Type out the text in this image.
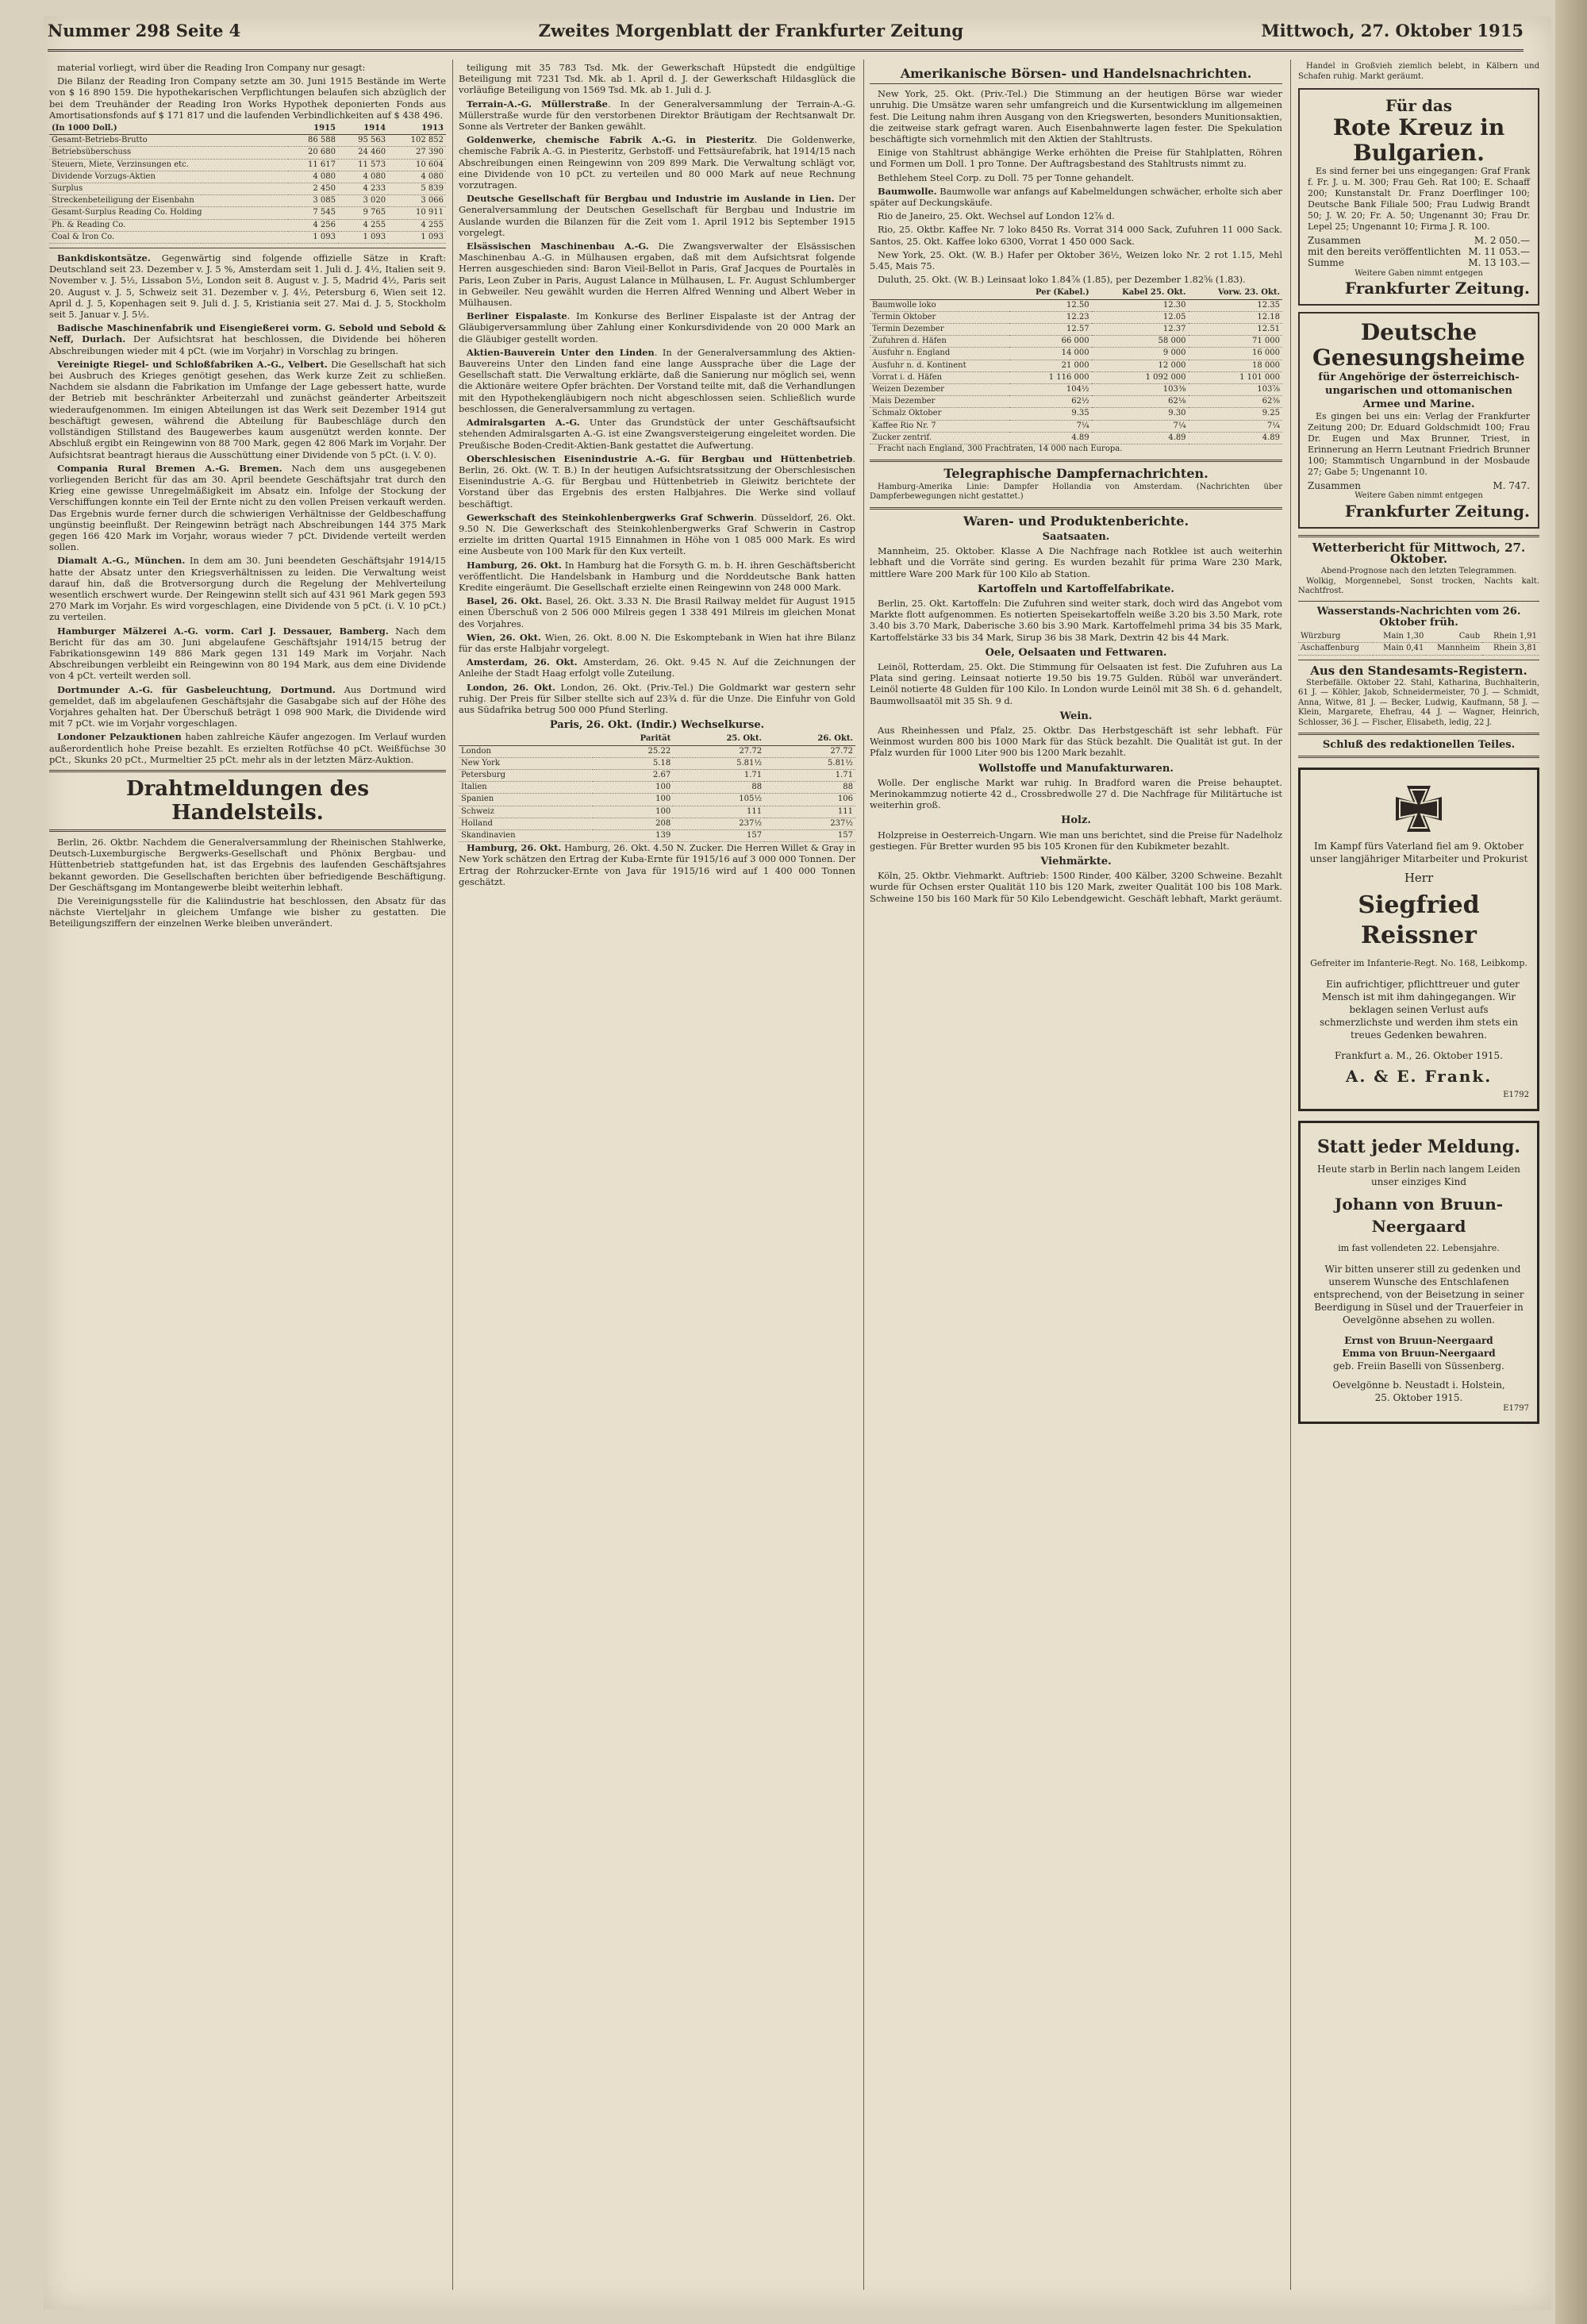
Nummer 298 Seite 4	Zweites Morgenblatt der Frankfurter Zeitung	Mittwoch, 27. Oktober 1915

material vorliegt, wird über die Reading Iron Company nur gesagt:

Die Bilanz der Reading Iron Company setzte am 30. Juni 1915 Bestände im Werte von $ 16 890 159. Die hypothekarischen Verpflichtungen belaufen sich abzüglich der bei dem Treuhänder der Reading Iron Works Hypothek deponierten Fonds aus Amortisationsfonds auf $ 171 817 und die laufenden Verbindlichkeiten auf $ 438 496.

(In 1000 Doll.)	1915	1914	1913
Gesamt-Betriebs-Brutto	86 588	95 563	102 852
Betriebsüberschuss	20 680	24 460	27 390
Steuern, Miete, Verzinsungen etc.	11 617	11 573	10 604
Dividende Vorzugs-Aktien	4 080	4 080	4 080
Surplus	2 450	4 233	5 839
Streckenbeteiligung der Eisenbahn	3 085	3 020	3 066
Gesamt-Surplus Reading Co. Holding	7 545	9 765	10 911
Ph. & Reading Co.	4 256	4 255	4 255
Coal & Iron Co.	1 093	1 093	1 093

Bankdiskontsätze. Gegenwärtig sind folgende offizielle Sätze in Kraft: Deutschland seit 23. Dezember v. J. 5 %, Amsterdam seit 1. Juli d. J. 4½, Italien seit 9. November v. J. 5½, Lissabon 5½, London seit 8. August v. J. 5, Madrid 4½, Paris seit 20. August v. J. 5, Schweiz seit 31. Dezember v. J. 4½, Petersburg 6, Wien seit 12. April d. J. 5, Kopenhagen seit 9. Juli d. J. 5, Kristiania seit 27. Mai d. J. 5, Stockholm seit 5. Januar v. J. 5½.

Badische Maschinenfabrik und Eisengießerei vorm. G. Sebold und Sebold & Neff, Durlach. Der Aufsichtsrat hat beschlossen, die Dividende bei höheren Abschreibungen wieder mit 4 pCt. (wie im Vorjahr) in Vorschlag zu bringen.

Vereinigte Riegel- und Schloßfabriken A.-G., Velbert. Die Gesellschaft hat sich bei Ausbruch des Krieges genötigt gesehen, das Werk kurze Zeit zu schließen. Nachdem sie alsdann die Fabrikation im Umfange der Lage gebessert hatte, wurde der Betrieb mit beschränkter Arbeiterzahl und zunächst geänderter Arbeitszeit wiederaufgenommen. Im einigen Abteilungen ist das Werk seit Dezember 1914 gut beschäftigt gewesen, während die Abteilung für Baubeschläge durch den vollständigen Stillstand des Baugewerbes kaum ausgenützt werden konnte. Der Abschluß ergibt ein Reingewinn von 88 700 Mark, gegen 42 806 Mark im Vorjahr. Der Aufsichtsrat beantragt hieraus die Ausschüttung einer Dividende von 5 pCt. (i. V. 0).

Compania Rural Bremen A.-G. Bremen. Nach dem uns ausgegebenen vorliegenden Bericht für das am 30. April beendete Geschäftsjahr trat durch den Krieg eine gewisse Unregelmäßigkeit im Absatz ein. Infolge der Stockung der Verschiffungen konnte ein Teil der Ernte nicht zu den vollen Preisen verkauft werden. Das Ergebnis wurde ferner durch die schwierigen Verhältnisse der Geldbeschaffung ungünstig beeinflußt. Der Reingewinn beträgt nach Abschreibungen 144 375 Mark gegen 166 420 Mark im Vorjahr, woraus wieder 7 pCt. Dividende verteilt werden sollen.

Diamalt A.-G., München. In dem am 30. Juni beendeten Geschäftsjahr 1914/15 hatte der Absatz unter den Kriegsverhältnissen zu leiden. Die Verwaltung weist darauf hin, daß die Brotversorgung durch die Regelung der Mehlverteilung wesentlich erschwert wurde. Der Reingewinn stellt sich auf 431 961 Mark gegen 593 270 Mark im Vorjahr. Es wird vorgeschlagen, eine Dividende von 5 pCt. (i. V. 10 pCt.) zu verteilen.

Hamburger Mälzerei A.-G. vorm. Carl J. Dessauer, Bamberg. Nach dem Bericht für das am 30. Juni abgelaufene Geschäftsjahr 1914/15 betrug der Fabrikationsgewinn 149 886 Mark gegen 131 149 Mark im Vorjahr. Nach Abschreibungen verbleibt ein Reingewinn von 80 194 Mark, aus dem eine Dividende von 4 pCt. verteilt werden soll.

Dortmunder A.-G. für Gasbeleuchtung, Dortmund. Aus Dortmund wird gemeldet, daß im abgelaufenen Geschäftsjahr die Gasabgabe sich auf der Höhe des Vorjahres gehalten hat. Der Überschuß beträgt 1 098 900 Mark, die Dividende wird mit 7 pCt. wie im Vorjahr vorgeschlagen.

Londoner Pelzauktionen haben zahlreiche Käufer angezogen. Im Verlauf wurden außerordentlich hohe Preise bezahlt. Es erzielten Rotfüchse 40 pCt. Weißfüchse 30 pCt., Skunks 20 pCt., Murmeltier 25 pCt. mehr als in der letzten März-Auktion.

Drahtmeldungen des Handelsteils.

Berlin, 26. Oktbr. Nachdem die Generalversammlung der Rheinischen Stahlwerke, Deutsch-Luxemburgische Bergwerks-Gesellschaft und Phönix Bergbau- und Hüttenbetrieb stattgefunden hat, ist das Ergebnis des laufenden Geschäftsjahres bekannt geworden. Die Gesellschaften berichten über befriedigende Beschäftigung. Der Geschäftsgang im Montangewerbe bleibt weiterhin lebhaft.

Die Vereinigungsstelle für die Kaliindustrie hat beschlossen, den Absatz für das nächste Vierteljahr in gleichem Umfange wie bisher zu gestatten. Die Beteiligungsziffern der einzelnen Werke bleiben unverändert.

teiligung mit 35 783 Tsd. Mk. der Gewerkschaft Hüpstedt die endgültige Beteiligung mit 7231 Tsd. Mk. ab 1. April d. J. der Gewerkschaft Hildasglück die vorläufige Beteiligung von 1569 Tsd. Mk. ab 1. Juli d. J.

Terrain-A.-G. Müllerstraße. In der Generalversammlung der Terrain-A.-G. Müllerstraße wurde für den verstorbenen Direktor Bräutigam der Rechtsanwalt Dr. Sonne als Vertreter der Banken gewählt.

Goldenwerke, chemische Fabrik A.-G. in Piesteritz. Die Goldenwerke, chemische Fabrik A.-G. in Piesteritz, Gerbstoff- und Fettsäurefabrik, hat 1914/15 nach Abschreibungen einen Reingewinn von 209 899 Mark. Die Verwaltung schlägt vor, eine Dividende von 10 pCt. zu verteilen und 80 000 Mark auf neue Rechnung vorzutragen.

Deutsche Gesellschaft für Bergbau und Industrie im Auslande in Lien. Der Generalversammlung der Deutschen Gesellschaft für Bergbau und Industrie im Auslande wurden die Bilanzen für die Zeit vom 1. April 1912 bis September 1915 vorgelegt.

Elsässischen Maschinenbau A.-G. Die Zwangsverwalter der Elsässischen Maschinenbau A.-G. in Mülhausen ergaben, daß mit dem Aufsichtsrat folgende Herren ausgeschieden sind: Baron Vieil-Bellot in Paris, Graf Jacques de Pourtalès in Paris, Leon Zuber in Paris, August Lalance in Mülhausen, L. Fr. August Schlumberger in Gebweiler. Neu gewählt wurden die Herren Alfred Wenning und Albert Weber in Mülhausen.

Berliner Eispalaste. Im Konkurse des Berliner Eispalaste ist der Antrag der Gläubigerversammlung über Zahlung einer Konkursdividende von 20 000 Mark an die Gläubiger gestellt worden.

Aktien-Bauverein Unter den Linden. In der Generalversammlung des Aktien-Bauvereins Unter den Linden fand eine lange Aussprache über die Lage der Gesellschaft statt. Die Verwaltung erklärte, daß die Sanierung nur möglich sei, wenn die Aktionäre weitere Opfer brächten. Der Vorstand teilte mit, daß die Verhandlungen mit den Hypothekengläubigern noch nicht abgeschlossen seien. Schließlich wurde beschlossen, die Generalversammlung zu vertagen.

Admiralsgarten A.-G. Unter das Grundstück der unter Geschäftsaufsicht stehenden Admiralsgarten A.-G. ist eine Zwangsversteigerung eingeleitet worden. Die Preußische Boden-Credit-Aktien-Bank gestattet die Aufwertung.

Oberschlesischen Eisenindustrie A.-G. für Bergbau und Hüttenbetrieb. Berlin, 26. Okt. (W. T. B.) In der heutigen Aufsichtsratssitzung der Oberschlesischen Eisenindustrie A.-G. für Bergbau und Hüttenbetrieb in Gleiwitz berichtete der Vorstand über das Ergebnis des ersten Halbjahres. Die Werke sind vollauf beschäftigt.

Gewerkschaft des Steinkohlenbergwerks Graf Schwerin. Düsseldorf, 26. Okt. 9.50 N. Die Gewerkschaft des Steinkohlenbergwerks Graf Schwerin in Castrop erzielte im dritten Quartal 1915 Einnahmen in Höhe von 1 085 000 Mark. Es wird eine Ausbeute von 100 Mark für den Kux verteilt.

Hamburg, 26. Okt. In Hamburg hat die Forsyth G. m. b. H. ihren Geschäftsbericht veröffentlicht. Die Handelsbank in Hamburg und die Norddeutsche Bank hatten Kredite eingeräumt. Die Gesellschaft erzielte einen Reingewinn von 248 000 Mark.

Basel, 26. Okt. Basel, 26. Okt. 3.33 N. Die Brasil Railway meldet für August 1915 einen Überschuß von 2 506 000 Milreis gegen 1 338 491 Milreis im gleichen Monat des Vorjahres.

Wien, 26. Okt. Wien, 26. Okt. 8.00 N. Die Eskomptebank in Wien hat ihre Bilanz für das erste Halbjahr vorgelegt.

Amsterdam, 26. Okt. Amsterdam, 26. Okt. 9.45 N. Auf die Zeichnungen der Anleihe der Stadt Haag erfolgt volle Zuteilung.

London, 26. Okt. London, 26. Okt. (Priv.-Tel.) Die Goldmarkt war gestern sehr ruhig. Der Preis für Silber stellte sich auf 23¾ d. für die Unze. Die Einfuhr von Gold aus Südafrika betrug 500 000 Pfund Sterling.

Paris, 26. Okt. (Indir.) Wechselkurse.
	Parität	25. Okt.	26. Okt.
London	25.22	27.72	27.72
New York	5.18	5.81½	5.81½
Petersburg	2.67	1.71	1.71
Italien	100	88	88
Spanien	100	105½	106
Schweiz	100	111	111
Holland	208	237½	237½
Skandinavien	139	157	157

Hamburg, 26. Okt. Hamburg, 26. Okt. 4.50 N. Zucker. Die Herren Willet & Gray in New York schätzen den Ertrag der Kuba-Ernte für 1915/16 auf 3 000 000 Tonnen. Der Ertrag der Rohrzucker-Ernte von Java für 1915/16 wird auf 1 400 000 Tonnen geschätzt.

Amerikanische Börsen- und Handelsnachrichten.

New York, 25. Okt. (Priv.-Tel.) Die Stimmung an der heutigen Börse war wieder unruhig. Die Umsätze waren sehr umfangreich und die Kursentwicklung im allgemeinen fest. Die Leitung nahm ihren Ausgang von den Kriegswerten, besonders Munitionsaktien, die zeitweise stark gefragt waren. Auch Eisenbahnwerte lagen fester. Die Spekulation beschäftigte sich vornehmlich mit den Aktien der Stahltrusts.

Einige von Stahltrust abhängige Werke erhöhten die Preise für Stahlplatten, Röhren und Formen um Doll. 1 pro Tonne. Der Auftragsbestand des Stahltrusts nimmt zu.

Bethlehem Steel Corp. zu Doll. 75 per Tonne gehandelt.

Baumwolle. Baumwolle war anfangs auf Kabelmeldungen schwächer, erholte sich aber später auf Deckungskäufe.

Rio de Janeiro, 25. Okt. Wechsel auf London 12⅞ d.

Rio, 25. Oktbr. Kaffee Nr. 7 loko 8450 Rs. Vorrat 314 000 Sack, Zufuhren 11 000 Sack. Santos, 25. Okt. Kaffee loko 6300, Vorrat 1 450 000 Sack.

New York, 25. Okt. (W. B.) Hafer per Oktober 36½, Weizen loko Nr. 2 rot 1.15, Mehl 5.45, Mais 75.

Duluth, 25. Okt. (W. B.) Leinsaat loko 1.84⅞ (1.85), per Dezember 1.82⅝ (1.83).

	Per (Kabel.)	Kabel 25. Okt.	Vorw. 23. Okt.
Baumwolle loko	12.50	12.30	12.35
Termin Oktober	12.23	12.05	12.18
Termin Dezember	12.57	12.37	12.51
Zufuhren d. Häfen	66 000	58 000	71 000
Ausfuhr n. England	14 000	9 000	16 000
Ausfuhr n. d. Kontinent	21 000	12 000	18 000
Vorrat i. d. Häfen	1 116 000	1 092 000	1 101 000
Weizen Dezember	104½	103⅜	103⅞
Mais Dezember	62½	62⅛	62⅜
Schmalz Oktober	9.35	9.30	9.25
Kaffee Rio Nr. 7	7¼	7¼	7¼
Zucker zentrif.	4.89	4.89	4.89

Fracht nach England, 300 Frachtraten, 14 000 nach Europa.

Telegraphische Dampfernachrichten.

Hamburg-Amerika Linie: Dampfer Hollandia von Amsterdam. (Nachrichten über Dampferbewegungen nicht gestattet.)

Waren- und Produktenberichte.
Saatsaaten.

Mannheim, 25. Oktober. Klasse A Die Nachfrage nach Rotklee ist auch weiterhin lebhaft und die Vorräte sind gering. Es wurden bezahlt für prima Ware 230 Mark, mittlere Ware 200 Mark für 100 Kilo ab Station.

Kartoffeln und Kartoffelfabrikate.

Berlin, 25. Okt. Kartoffeln: Die Zufuhren sind weiter stark, doch wird das Angebot vom Markte flott aufgenommen. Es notierten Speisekartoffeln weiße 3.20 bis 3.50 Mark, rote 3.40 bis 3.70 Mark, Daberische 3.60 bis 3.90 Mark. Kartoffelmehl prima 34 bis 35 Mark, Kartoffelstärke 33 bis 34 Mark, Sirup 36 bis 38 Mark, Dextrin 42 bis 44 Mark.

Oele, Oelsaaten und Fettwaren.

Leinöl, Rotterdam, 25. Okt. Die Stimmung für Oelsaaten ist fest. Die Zufuhren aus La Plata sind gering. Leinsaat notierte 19.50 bis 19.75 Gulden. Rüböl war unverändert. Leinöl notierte 48 Gulden für 100 Kilo. In London wurde Leinöl mit 38 Sh. 6 d. gehandelt, Baumwollsaatöl mit 35 Sh. 9 d.

Wein.

Aus Rheinhessen und Pfalz, 25. Oktbr. Das Herbstgeschäft ist sehr lebhaft. Für Weinmost wurden 800 bis 1000 Mark für das Stück bezahlt. Die Qualität ist gut. In der Pfalz wurden für 1000 Liter 900 bis 1200 Mark bezahlt.

Wollstoffe und Manufakturwaren.

Wolle. Der englische Markt war ruhig. In Bradford waren die Preise behauptet. Merinokammzug notierte 42 d., Crossbredwolle 27 d. Die Nachfrage für Militärtuche ist weiterhin groß.

Holz.

Holzpreise in Oesterreich-Ungarn. Wie man uns berichtet, sind die Preise für Nadelholz gestiegen. Für Bretter wurden 95 bis 105 Kronen für den Kubikmeter bezahlt.

Viehmärkte.

Köln, 25. Oktbr. Viehmarkt. Auftrieb: 1500 Rinder, 400 Kälber, 3200 Schweine. Bezahlt wurde für Ochsen erster Qualität 110 bis 120 Mark, zweiter Qualität 100 bis 108 Mark. Schweine 150 bis 160 Mark für 50 Kilo Lebendgewicht. Geschäft lebhaft, Markt geräumt.

Handel in Großvieh ziemlich belebt, in Kälbern und Schafen ruhig. Markt geräumt.

Für das
Rote Kreuz in Bulgarien.

Es sind ferner bei uns eingegangen: Graf Frank f. Fr. J. u. M. 300; Frau Geh. Rat 100; E. Schaaff 200; Kunstanstalt Dr. Franz Doerflinger 100; Deutsche Bank Filiale 500; Frau Ludwig Brandt 50; J. W. 20; Fr. A. 50; Ungenannt 30; Frau Dr. Lepel 25; Ungenannt 10; Firma J. R. 100.

Zusammen	M. 2 050.—
mit den bereits veröffentlichten M. 11 053.—
Summe	M. 13 103.—
Weitere Gaben nimmt entgegen
Frankfurter Zeitung.
Deutsche Genesungsheime
für Angehörige der österreichisch-ungarischen und ottomanischen Armee und Marine.

Es gingen bei uns ein: Verlag der Frankfurter Zeitung 200; Dr. Eduard Goldschmidt 100; Frau Dr. Eugen und Max Brunner, Triest, in Erinnerung an Herrn Leutnant Friedrich Brunner 100; Stammtisch Ungarnbund in der Mosbaude 27; Gabe 5; Ungenannt 10.

Zusammen	M. 747.
Weitere Gaben nimmt entgegen
Frankfurter Zeitung.
Wetterbericht für Mittwoch, 27. Oktober.
Abend-Prognose nach den letzten Telegrammen.

Wolkig, Morgennebel, Sonst trocken, Nachts kalt. Nachtfrost.

Wasserstands-Nachrichten vom 26. Oktober früh.
Würzburg	Main 1,30	Caub	Rhein 1,91
Aschaffenburg	Main 0,41	Mannheim	Rhein 3,81
Aus den Standesamts-Registern.

Sterbefälle. Oktober 22. Stahl, Katharina, Buchhalterin, 61 J. — Köhler, Jakob, Schneidermeister, 70 J. — Schmidt, Anna, Witwe, 81 J. — Becker, Ludwig, Kaufmann, 58 J. — Klein, Margarete, Ehefrau, 44 J. — Wagner, Heinrich, Schlosser, 36 J. — Fischer, Elisabeth, ledig, 22 J.

Schluß des redaktionellen Teiles.
Im Kampf fürs Vaterland fiel am 9. Oktober
unser langjähriger Mitarbeiter und Prokurist
Herr
Siegfried Reissner
Gefreiter im Infanterie-Regt. No. 168, Leibkomp.

Ein aufrichtiger, pflichttreuer und guter Mensch ist mit ihm dahingegangen. Wir beklagen seinen Verlust aufs schmerzlichste und werden ihm stets ein treues Gedenken bewahren.

Frankfurt a. M., 26. Oktober 1915.
A. & E. Frank.
E1792
Statt jeder Meldung.
Heute starb in Berlin nach langem Leiden
unser einziges Kind
Johann von Bruun-Neergaard
im fast vollendeten 22. Lebensjahre.

Wir bitten unserer still zu gedenken und unserem Wunsche des Entschlafenen entsprechend, von der Beisetzung in seiner Beerdigung in Süsel und der Trauerfeier in Oevelgönne absehen zu wollen.

Ernst von Bruun-Neergaard
Emma von Bruun-Neergaard
geb. Freiin Baselli von Süssenberg.
Oevelgönne b. Neustadt i. Holstein,
25. Oktober 1915.
E1797
